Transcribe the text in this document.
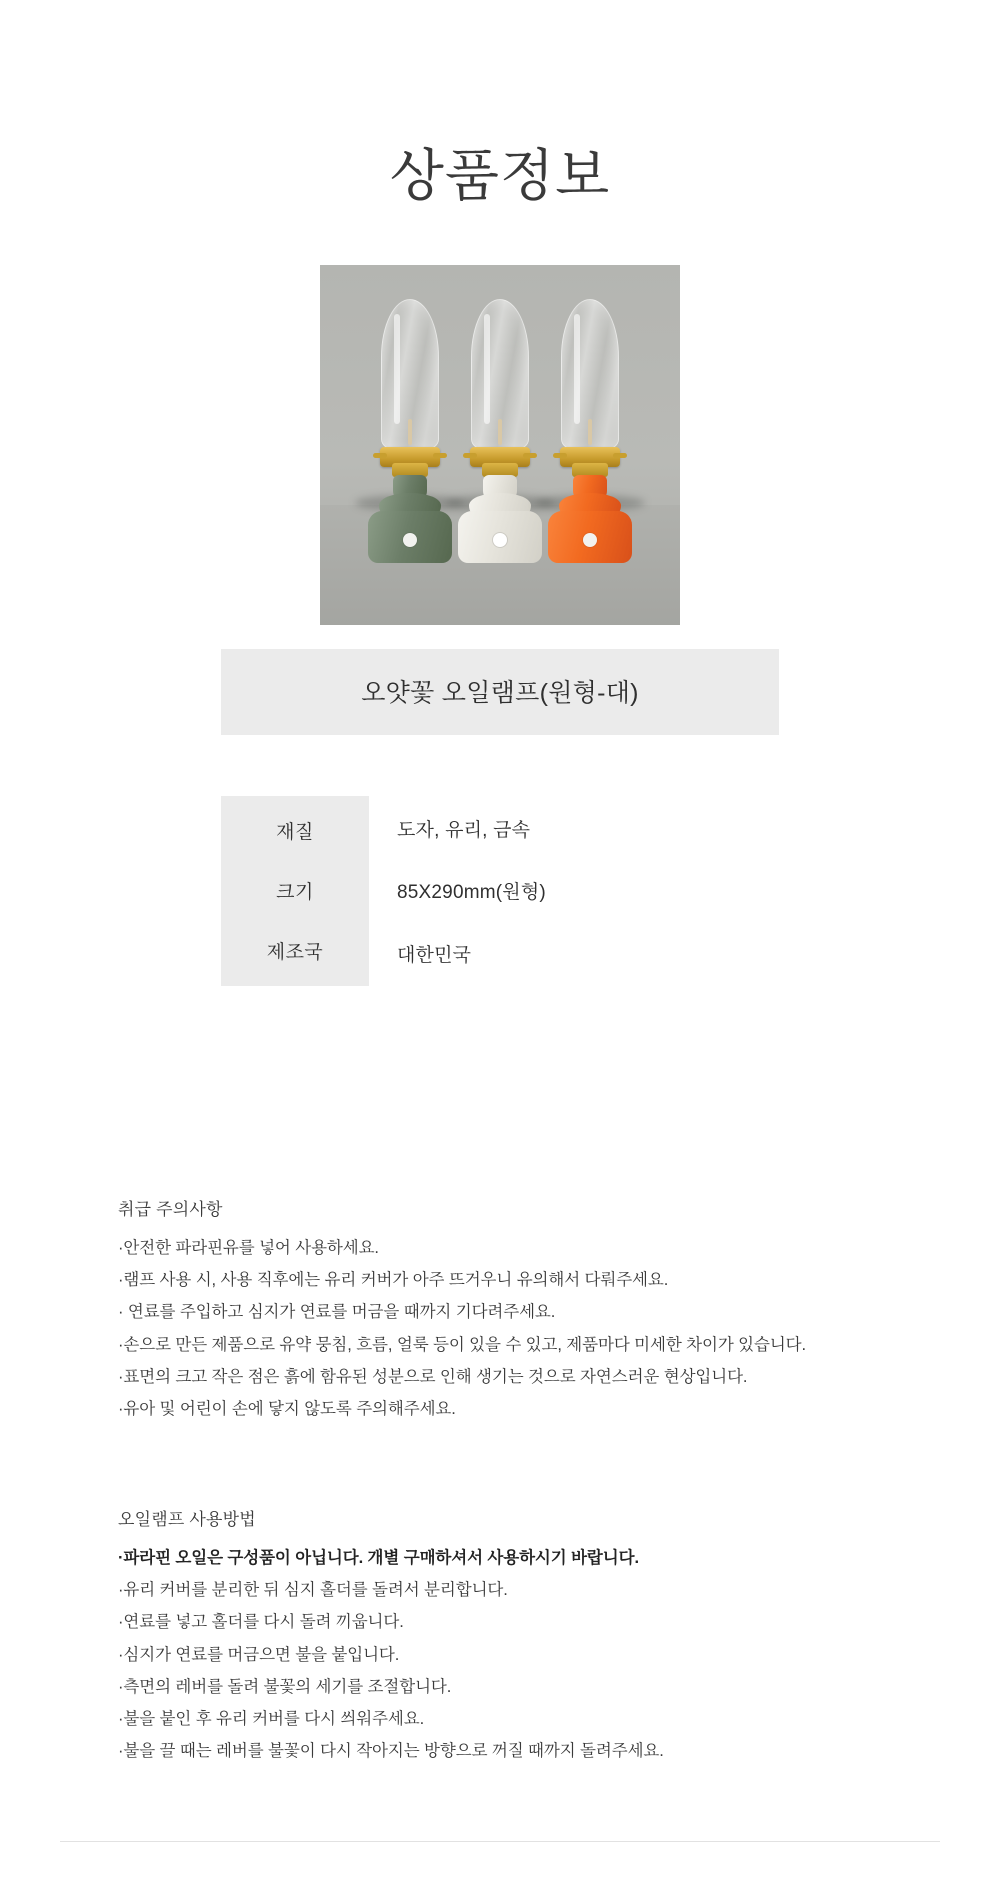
상품정보
오얏꽃 오일램프(원형-대)
재질	도자, 유리, 금속
크기	85X290mm(원형)
제조국	대한민국
취급 주의사항
·안전한 파라핀유를 넣어 사용하세요.
·램프 사용 시, 사용 직후에는 유리 커버가 아주 뜨거우니 유의해서 다뤄주세요.
· 연료를 주입하고 심지가 연료를 머금을 때까지 기다려주세요.
·손으로 만든 제품으로 유약 뭉침, 흐름, 얼룩 등이 있을 수 있고, 제품마다 미세한 차이가 있습니다.
·표면의 크고 작은 점은 흙에 함유된 성분으로 인해 생기는 것으로 자연스러운 현상입니다.
·유아 및 어린이 손에 닿지 않도록 주의해주세요.
오일램프 사용방법
·파라핀 오일은 구성품이 아닙니다. 개별 구매하셔서 사용하시기 바랍니다.
·유리 커버를 분리한 뒤 심지 홀더를 돌려서 분리합니다.
·연료를 넣고 홀더를 다시 돌려 끼웁니다.
·심지가 연료를 머금으면 불을 붙입니다.
·측면의 레버를 돌려 불꽃의 세기를 조절합니다.
·불을 붙인 후 유리 커버를 다시 씌워주세요.
·불을 끌 때는 레버를 불꽃이 다시 작아지는 방향으로 꺼질 때까지 돌려주세요.
